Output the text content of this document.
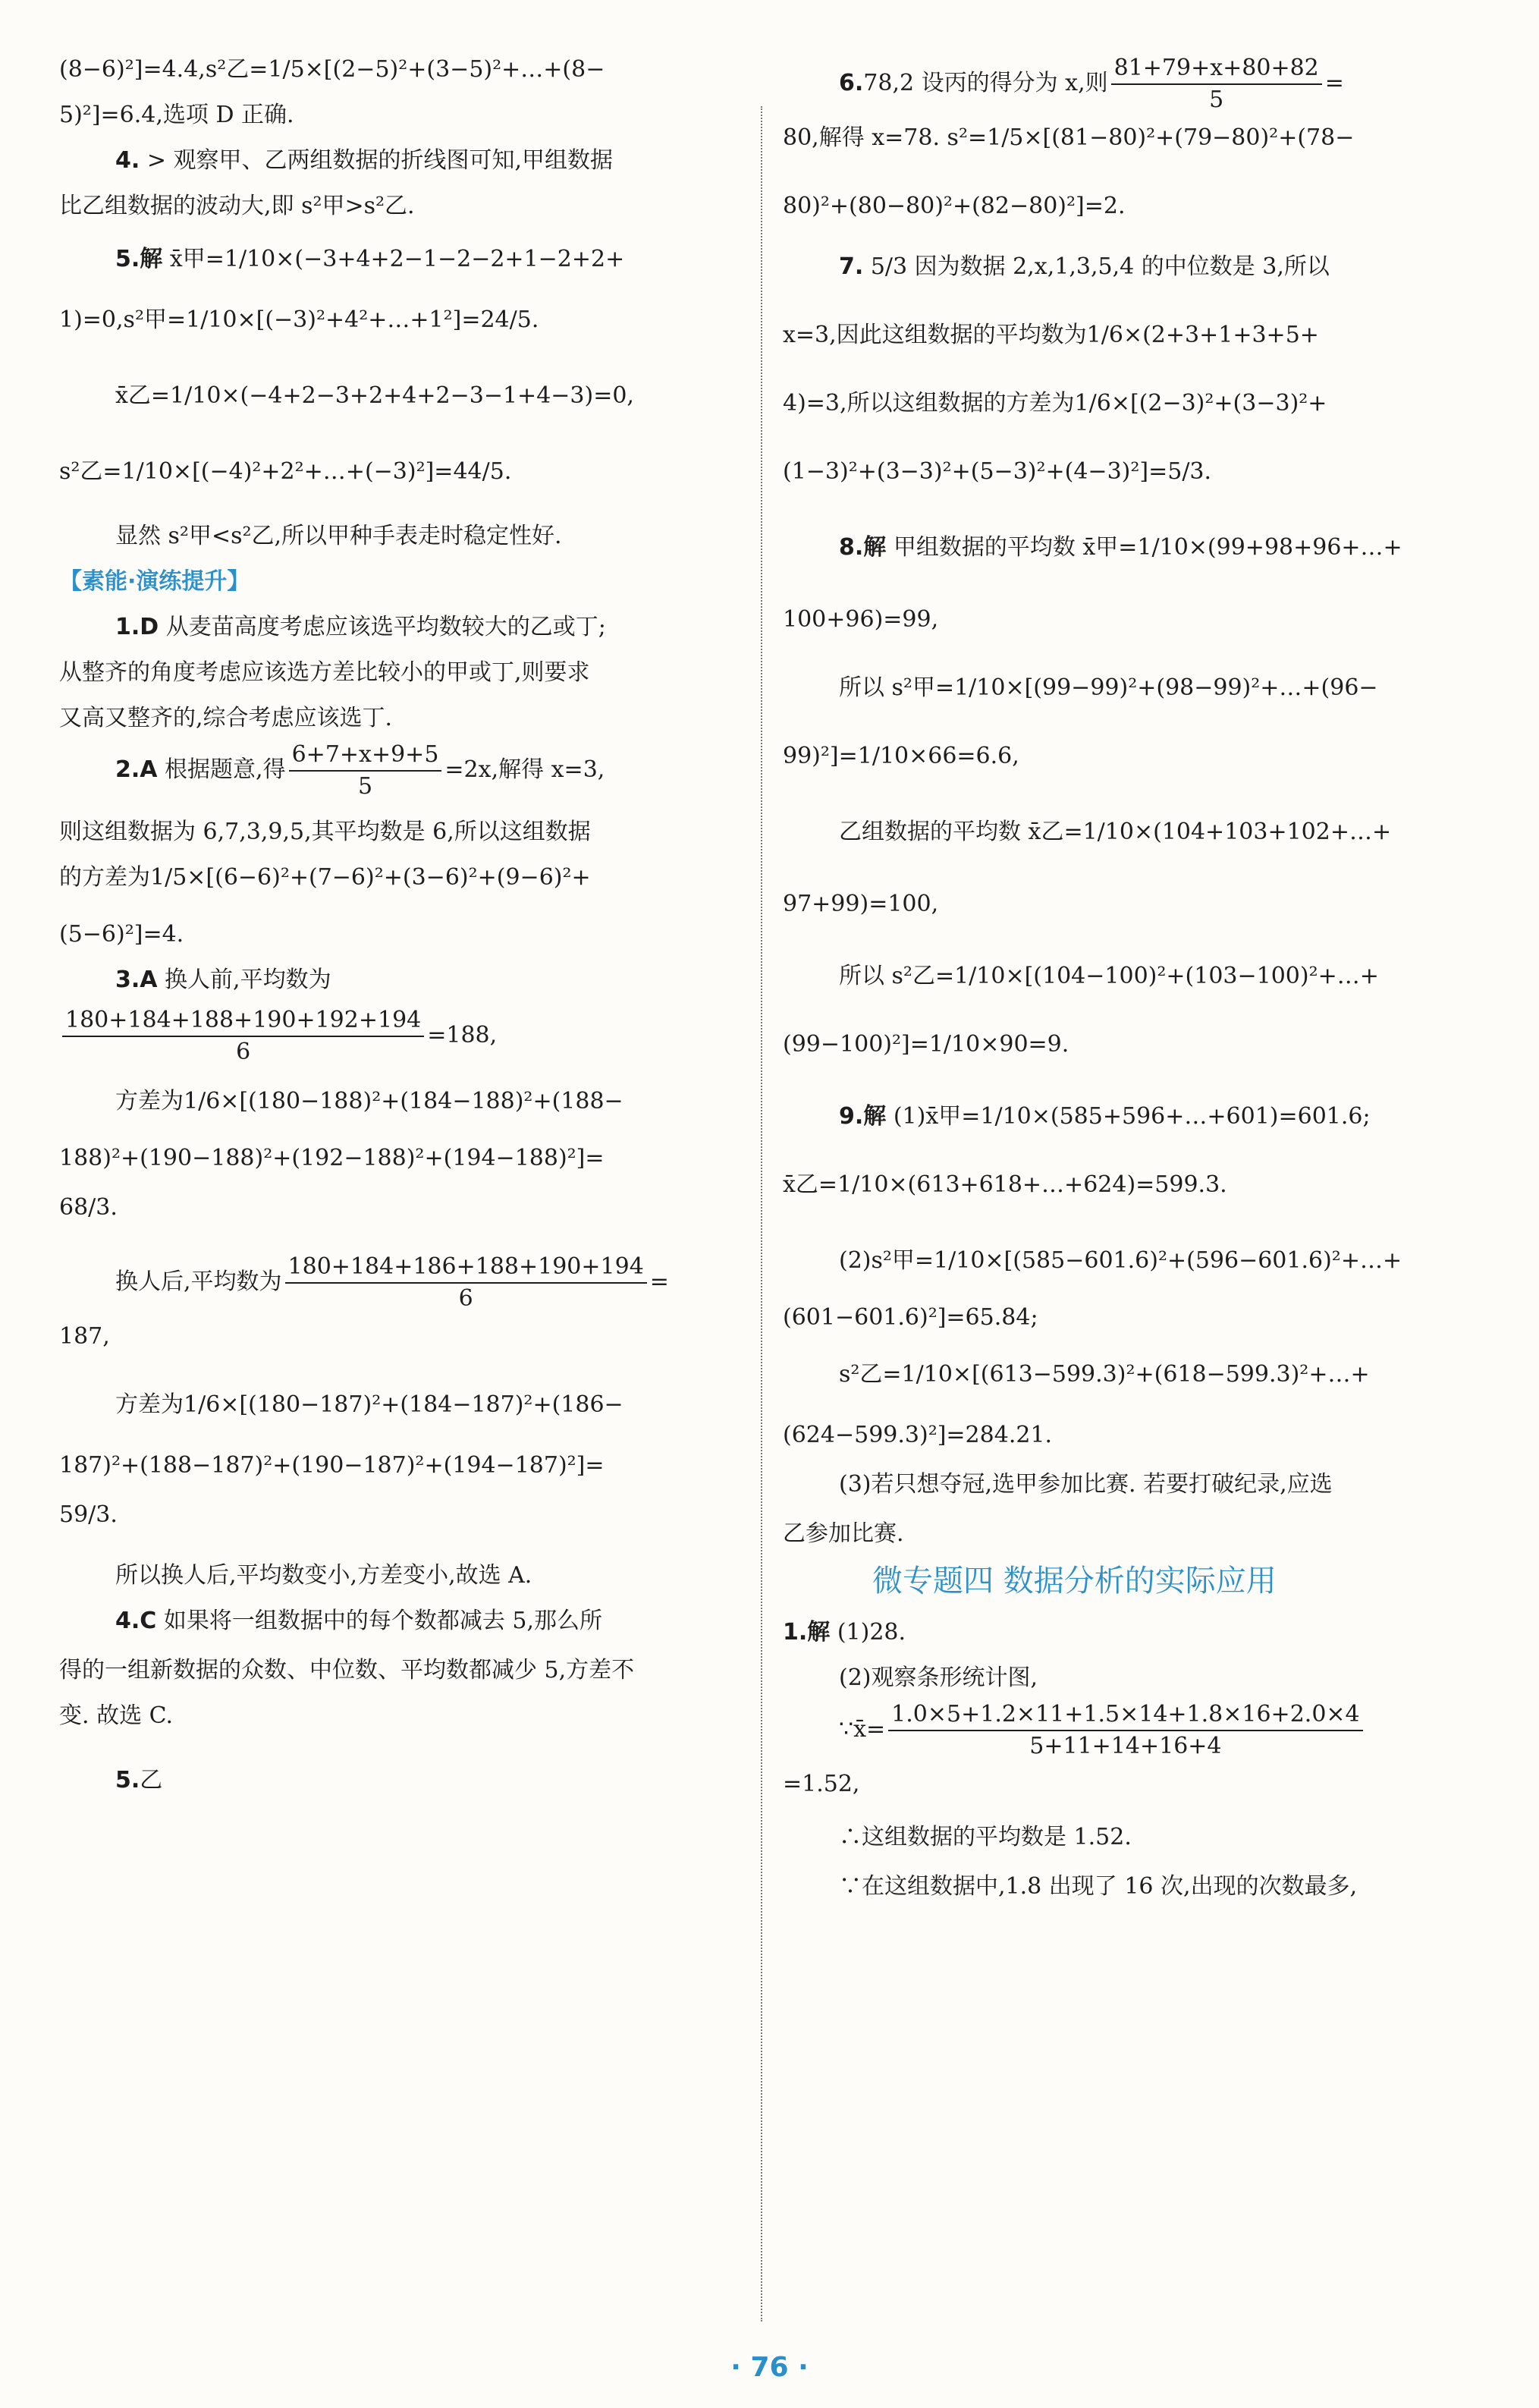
(8−6)²]=4.4,s²乙=1/5×[(2−5)²+(3−5)²+…+(8−
5)²]=6.4,选项 D 正确.
4. > 观察甲、乙两组数据的折线图可知,甲组数据
比乙组数据的波动大,即 s²甲>s²乙.
5.解 x̄甲=1/10×(−3+4+2−1−2−2+1−2+2+
1)=0,s²甲=1/10×[(−3)²+4²+…+1²]=24/5.
x̄乙=1/10×(−4+2−3+2+4+2−3−1+4−3)=0,
s²乙=1/10×[(−4)²+2²+…+(−3)²]=44/5.
显然 s²甲<s²乙,所以甲种手表走时稳定性好.
【素能·演练提升】
1.D 从麦苗高度考虑应该选平均数较大的乙或丁;
从整齐的角度考虑应该选方差比较小的甲或丁,则要求
又高又整齐的,综合考虑应该选丁.
2.A 根据题意,得 $\frac{6+7+x+9+5}{5} =2x$,解得 x=3,
则这组数据为 6,7,3,9,5,其平均数是 6,所以这组数据
的方差为1/5×[(6−6)²+(7−6)²+(3−6)²+(9−6)²+
(5−6)²]=4.
3.A 换人前,平均数为
$\frac{180+184+188+190+192+194}{6} =188$,
方差为1/6×[(180−188)²+(184−188)²+(188−
188)²+(190−188)²+(192−188)²+(194−188)²]=
68/3.
换人后,平均数为 $\frac{180+184+186+188+190+194}{6}$ =
187,
方差为1/6×[(180−187)²+(184−187)²+(186−
187)²+(188−187)²+(190−187)²+(194−187)²]=
59/3.
所以换人后,平均数变小,方差变小,故选 A.
4.C 如果将一组数据中的每个数都减去 5,那么所
得的一组新数据的众数、中位数、平均数都减少 5,方差不
变. 故选 C.
5.乙
6.78,2 设丙的得分为 x,则 $\frac{81+79+x+80+82}{5}$ =
80,解得 x=78. s²=1/5×[(81−80)²+(79−80)²+(78−
80)²+(80−80)²+(82−80)²]=2.
7. 5/3 因为数据 2,x,1,3,5,4 的中位数是 3,所以
x=3,因此这组数据的平均数为1/6×(2+3+1+3+5+
4)=3,所以这组数据的方差为1/6×[(2−3)²+(3−3)²+
(1−3)²+(3−3)²+(5−3)²+(4−3)²]=5/3.
8.解 甲组数据的平均数 x̄甲=1/10×(99+98+96+…+
100+96)=99,
所以 s²甲=1/10×[(99−99)²+(98−99)²+…+(96−
99)²]=1/10×66=6.6,
乙组数据的平均数 x̄乙=1/10×(104+103+102+…+
97+99)=100,
所以 s²乙=1/10×[(104−100)²+(103−100)²+…+
(99−100)²]=1/10×90=9.
9.解 (1)x̄甲=1/10×(585+596+…+601)=601.6;
x̄乙=1/10×(613+618+…+624)=599.3.
(2)s²甲=1/10×[(585−601.6)²+(596−601.6)²+…+
(601−601.6)²]=65.84;
s²乙=1/10×[(613−599.3)²+(618−599.3)²+…+
(624−599.3)²]=284.21.
(3)若只想夺冠,选甲参加比赛. 若要打破纪录,应选
乙参加比赛.
微专题四 数据分析的实际应用
1.解 (1)28.
(2)观察条形统计图,
∵x̄= $\frac{1.0\times 5+1.2\times 11+1.5\times 14+1.8\times 16+2.0\times 4}{5+11+14+16+4}$
=1.52,
∴这组数据的平均数是 1.52.
∵在这组数据中,1.8 出现了 16 次,出现的次数最多,
· 76 ·
